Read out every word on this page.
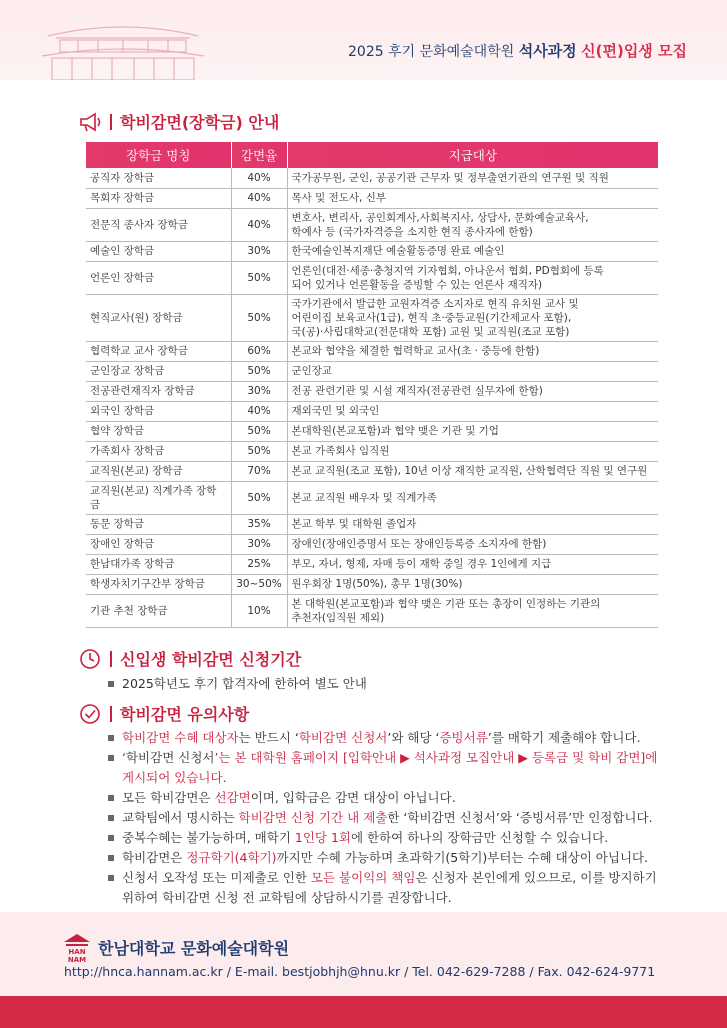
2025 후기 문화예술대학원 석사과정 신(편)입생 모집
학비감면(장학금) 안내
장학금 명칭	감면율	지급대상
공직자 장학금	40%	국가공무원, 군인, 공공기관 근무자 및 정부출연기관의 연구원 및 직원
목회자 장학금	40%	목사 및 전도사, 신부
전문직 종사자 장학금	40%	변호사, 변리사, 공인회계사,사회복지사, 상담사, 문화예술교육사,
학예사 등 (국가자격증을 소지한 현직 종사자에 한함)
예술인 장학금	30%	한국예술인복지재단 예술활동증명 완료 예술인
언론인 장학금	50%	언론인(대전·세종·충청지역 기자협회, 아나운서 협회, PD협회에 등록
되어 있거나 언론활동을 증빙할 수 있는 언론사 재직자)
현직교사(원) 장학금	50%	국가기관에서 발급한 교원자격증 소지자로 현직 유치원 교사 및
어린이집 보육교사(1급), 현직 초·중등교원(기간제교사 포함),
국(공)·사립대학교(전문대학 포함) 교원 및 교직원(조교 포함)
협력학교 교사 장학금	60%	본교와 협약을 체결한 협력학교 교사(초 · 중등에 한함)
군인장교 장학금	50%	군인장교
전공관련재직자 장학금	30%	전공 관련기관 및 시설 재직자(전공관련 실무자에 한함)
외국인 장학금	40%	재외국민 및 외국인
협약 장학금	50%	본대학원(본교포함)과 협약 맺은 기관 및 기업
가족회사 장학금	50%	본교 가족회사 임직원
교직원(본교) 장학금	70%	본교 교직원(조교 포함), 10년 이상 재직한 교직원, 산학협력단 직원 및 연구원
교직원(본교) 직계가족 장학금	50%	본교 교직원 배우자 및 직계가족
동문 장학금	35%	본교 학부 및 대학원 졸업자
장애인 장학금	30%	장애인(장애인증명서 또는 장애인등록증 소지자에 한함)
한남대가족 장학금	25%	부모, 자녀, 형제, 자매 등이 재학 중일 경우 1인에게 지급
학생자치기구간부 장학금	30~50%	원우회장 1명(50%), 총무 1명(30%)
기관 추천 장학금	10%	본 대학원(본교포함)과 협약 맺은 기관 또는 총장이 인정하는 기관의
추천자(임직원 제외)
신입생 학비감면 신청기간
2025학년도 후기 합격자에 한하여 별도 안내
학비감면 유의사항
학비감면 수혜 대상자는 반드시 ‘학비감면 신청서’와 해당 ‘증빙서류’를 매학기 제출해야 합니다.
‘학비감면 신청서’는 본 대학원 홈페이지 [입학안내 ▶ 석사과정 모집안내 ▶ 등록금 및 학비 감면]에 게시되어 있습니다.
모든 학비감면은 선감면이며, 입학금은 감면 대상이 아닙니다.
교학팀에서 명시하는 학비감면 신청 기간 내 제출한 ‘학비감면 신청서’와 ‘증빙서류’만 인정합니다.
중복수혜는 불가능하며, 매학기 1인당 1회에 한하여 하나의 장학금만 신청할 수 있습니다.
학비감면은 정규학기(4학기)까지만 수혜 가능하며 초과학기(5학기)부터는 수혜 대상이 아닙니다.
신청서 오작성 또는 미제출로 인한 모든 불이익의 책임은 신청자 본인에게 있으므로, 이를 방지하기 위하여 학비감면 신청 전 교학팀에 상담하시기를 권장합니다.
HAN
NAM
한남대학교 문화예술대학원
http://hnca.hannam.ac.kr / E-mail. bestjobhjh@hnu.kr / Tel. 042-629-7288 / Fax. 042-624-9771
